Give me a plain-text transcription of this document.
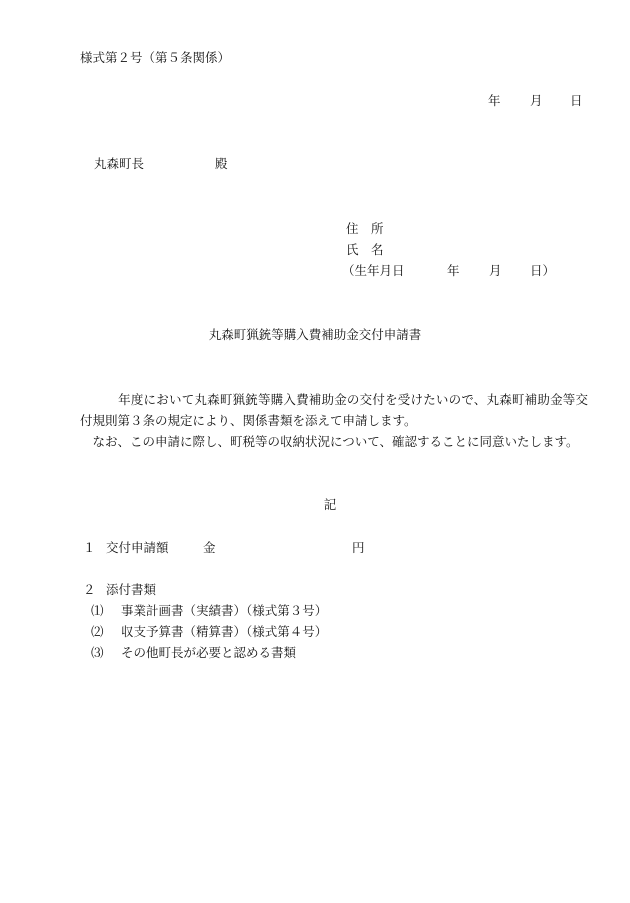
様式第２号（第５条関係）
年 月 日
丸森町長	殿
住　所
氏　名
（生年月日	年 月 日）
丸森町猟銃等購入費補助金交付申請書

　　　年度において丸森町猟銃等購入費補助金の交付を受けたいので、丸森町補助金等交付規則第３条の規定により、関係書類を添えて申請します。

　なお、この申請に際し、町税等の収納状況について、確認することに同意いたします。

記
１ 交付申請額	金	円
２ 添付書類
⑴ 事業計画書（実績書）（様式第３号）
⑵ 収支予算書（精算書）（様式第４号）
⑶ その他町長が必要と認める書類
